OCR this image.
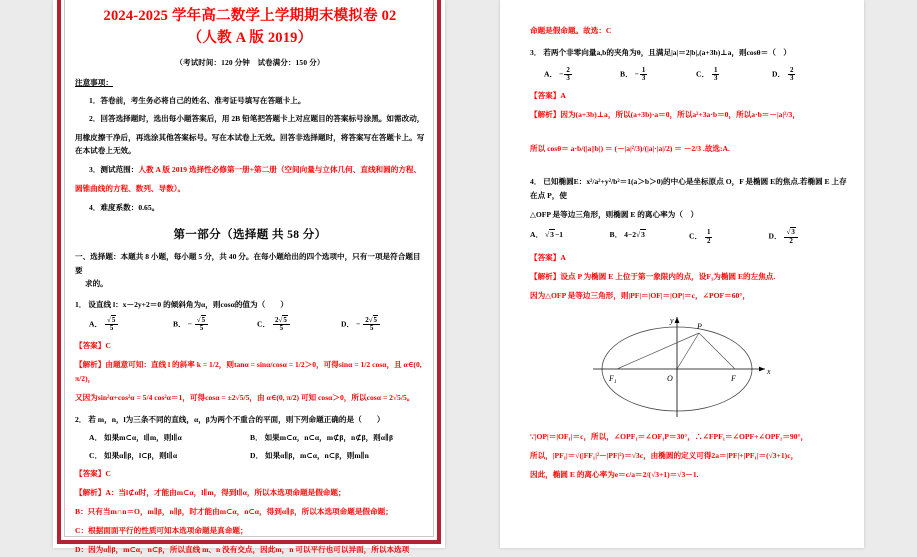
2024-2025 学年高二数学上学期期末模拟卷 02
（人教 A 版 2019）
（考试时间：120 分钟　试卷满分：150 分）
注意事项：
1．答卷前，考生务必将自己的姓名、准考证号填写在答题卡上。
2．回答选择题时，选出每小题答案后，用 2B 铅笔把答题卡上对应题目的答案标号涂黑。如需改动，
用橡皮擦干净后，再选涂其他答案标号。写在本试卷上无效。回答非选择题时，将答案写在答题卡上。写在本试卷上无效。
3．测试范围：人教 A 版 2019 选择性必修第一册+第二册（空间向量与立体几何、直线和圆的方程、
圆锥曲线的方程、数列、导数）。
4．难度系数：0.65。
第一部分（选择题 共 58 分）
一、选择题：本题共 8 小题，每小题 5 分，共 40 分。在每小题给出的四个选项中，只有一项是符合题目要
求的。
1． 设直线 l：x－2y+2＝0 的倾斜角为α，则cosα的值为（　　）
A． √ $\frac{5}{5}$	B． − √ $\frac{5}{5}$	C． $\frac{2 √ 5}{5}$	D． − $\frac{2 √ 5}{5}$
【答案】C
【解析】由题意可知：直线 l 的斜率 k = 1/2，则tanα = sinα/cosα = 1/2＞0，可得sinα = 1/2 cosα，且 α∈(0, π/2)，
又因为sin²α+cos²α = 5/4 cos²α＝1，可得cosα = ±2√5/5，由 α∈(0, π/2) 可知 cosα＞0，所以cosα = 2√5/5。
2． 若 m，n，l为三条不同的直线，α，β为两个不重合的平面，则下列命题正确的是（　　）
A． 如果m⊂α，l∥m，则l∥α	B． 如果m⊂α，n⊂α，m⊄β，n⊄β，则α∥β
C． 如果α∥β，l⊂β，则l∥α	D． 如果α∥β，m⊂α，n⊂β，则m∥n
【答案】C
【解析】A：当l⊄α时，才能由m⊂α，l∥m，得到l∥α，所以本选项命题是假命题；
B：只有当m∩n＝O，m∥β，n∥β，时才能由m⊂α，n⊂α，得到α∥β，所以本选项命题是假命题；
C：根据面面平行的性质可知本选项命题是真命题；
D：因为α∥β，m⊂α，n⊂β，所以直线 m、n 没有交点，因此m，n 可以平行也可以异面，所以本选项
命题是假命题。故选：C
3． 若两个非零向量a,b的夹角为θ，且满足|a|＝2|b|,(a+3b)⊥a，则cosθ＝（　）
A． − $\frac{2}{3}$	B． − $\frac{1}{3}$	C． $\frac{1}{3}$	D． $\frac{2}{3}$
【答案】A
【解析】因为(a+3b)⊥a，所以(a+3b)·a＝0，所以a²+3a·b＝0，所以a·b＝－|a|²/3，
所以 cosθ＝ a·b/(|a||b|) ＝ (－|a|²/3)/(|a|·|a|/2) ＝ －2/3 .故选:A.
4． 已知椭圆E：x²/a²+y²/b²＝1(a＞b＞0)的中心是坐标原点 O，F 是椭圆 E的焦点.若椭圆 E 上存在点 P，使
△OFP 是等边三角形，则椭圆 E 的离心率为（　）
A． √ 3−1	B． 4−2 √ 3	C． $\frac{1}{2}$	D． √ $\frac{3}{2}$
【答案】A
【解析】设点 P 为椭圆 E 上位于第一象限内的点，设F₁为椭圆 E的左焦点.
因为△OFP 是等边三角形，则|PF|＝|OF|＝|OP|＝c，∠POF＝60°，
P
$F_1$	O	F
x
y
∵|OP|＝|OF₁|＝c，所以，∠OPF₁＝∠OF₁P＝30°，∴∠FPF₁＝∠OPF+∠OPF₁＝90°，
所以，|PF₁|＝√(|FF₁|²－|PF|²)＝√3c，由椭圆的定义可得2a＝|PF|+|PF₁|＝(√3+1)c，
因此，椭圆 E 的离心率为e＝c/a＝2/(√3+1)＝√3－1.
